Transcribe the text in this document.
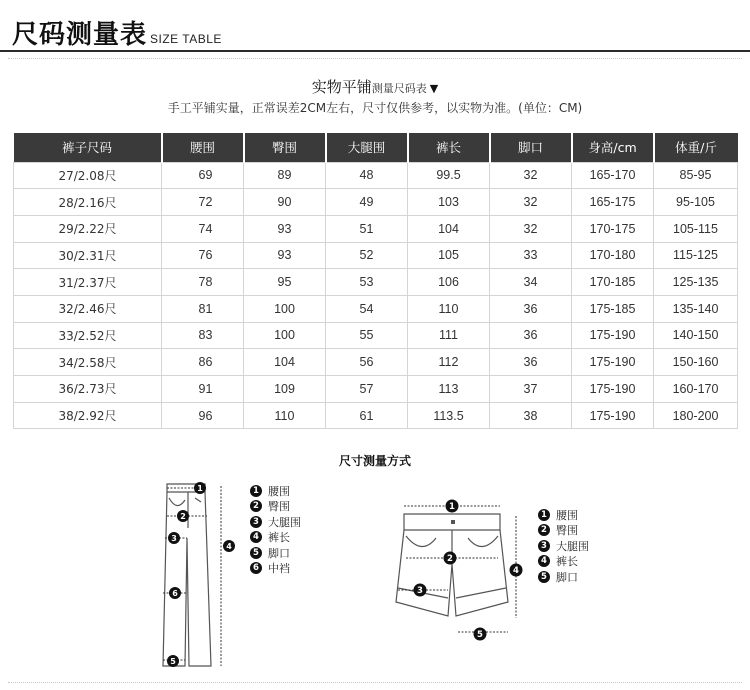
尺码测量表 SIZE TABLE
实物平铺测量尺码表 ▼
手工平铺实量，正常误差2CM左右，尺寸仅供参考，以实物为准。(单位：CM)
裤子尺码	腰围	臀围	大腿围	裤长	脚口	身高/cm	体重/斤
27/2.08尺	69	89	48	99.5	32	165-170	85-95
28/2.16尺	72	90	49	103	32	165-175	95-105
29/2.22尺	74	93	51	104	32	170-175	105-115
30/2.31尺	76	93	52	105	33	170-180	115-125
31/2.37尺	78	95	53	106	34	170-185	125-135
32/2.46尺	81	100	54	110	36	175-185	135-140
33/2.52尺	83	100	55	111	36	175-190	140-150
34/2.58尺	86	104	56	112	36	175-190	150-160
36/2.73尺	91	109	57	113	37	175-190	160-170
38/2.92尺	96	110	61	113.5	38	175-190	180-200
尺寸测量方式
1
2
3
4
5
6
1 腰围
2 臀围
3 大腿围
4 裤长
5 脚口
6 中裆
1
2
3
4
5
1 腰围
2 臀围
3 大腿围
4 裤长
5 脚口
